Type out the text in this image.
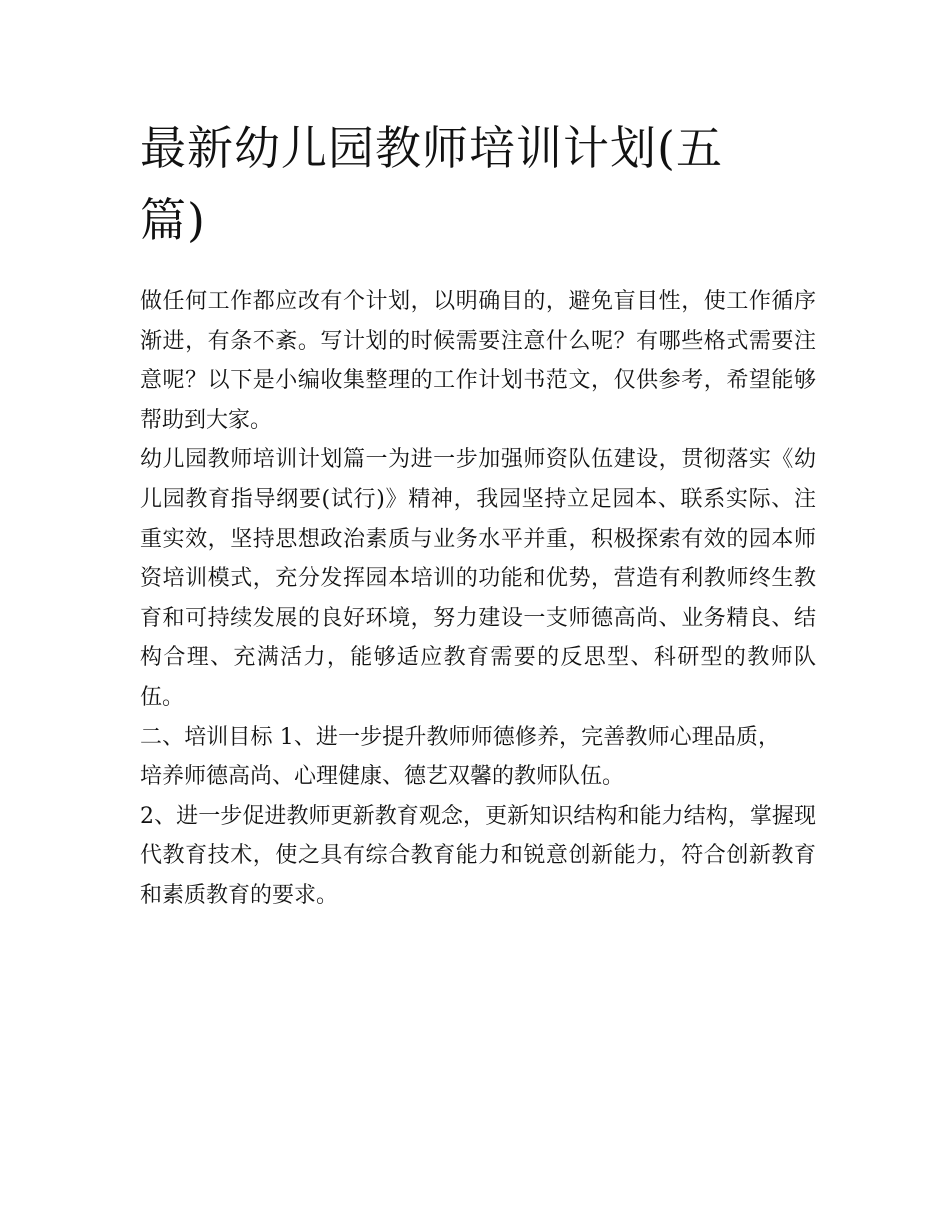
最新幼儿园教师培训计划(五篇)

做任何工作都应改有个计划，以明确目的，避免盲目性，使工作循序渐进，有条不紊。写计划的时候需要注意什么呢？有哪些格式需要注意呢？以下是小编收集整理的工作计划书范文，仅供参考，希望能够帮助到大家。

幼儿园教师培训计划篇一为进一步加强师资队伍建设，贯彻落实《幼儿园教育指导纲要(试行)》精神，我园坚持立足园本、联系实际、注重实效，坚持思想政治素质与业务水平并重，积极探索有效的园本师资培训模式，充分发挥园本培训的功能和优势，营造有利教师终生教育和可持续发展的良好环境，努力建设一支师德高尚、业务精良、结构合理、充满活力，能够适应教育需要的反思型、科研型的教师队伍。

二、培训目标 1、进一步提升教师师德修养，完善教师心理品质，培养师德高尚、心理健康、德艺双馨的教师队伍。

2、进一步促进教师更新教育观念，更新知识结构和能力结构，掌握现代教育技术，使之具有综合教育能力和锐意创新能力，符合创新教育和素质教育的要求。
